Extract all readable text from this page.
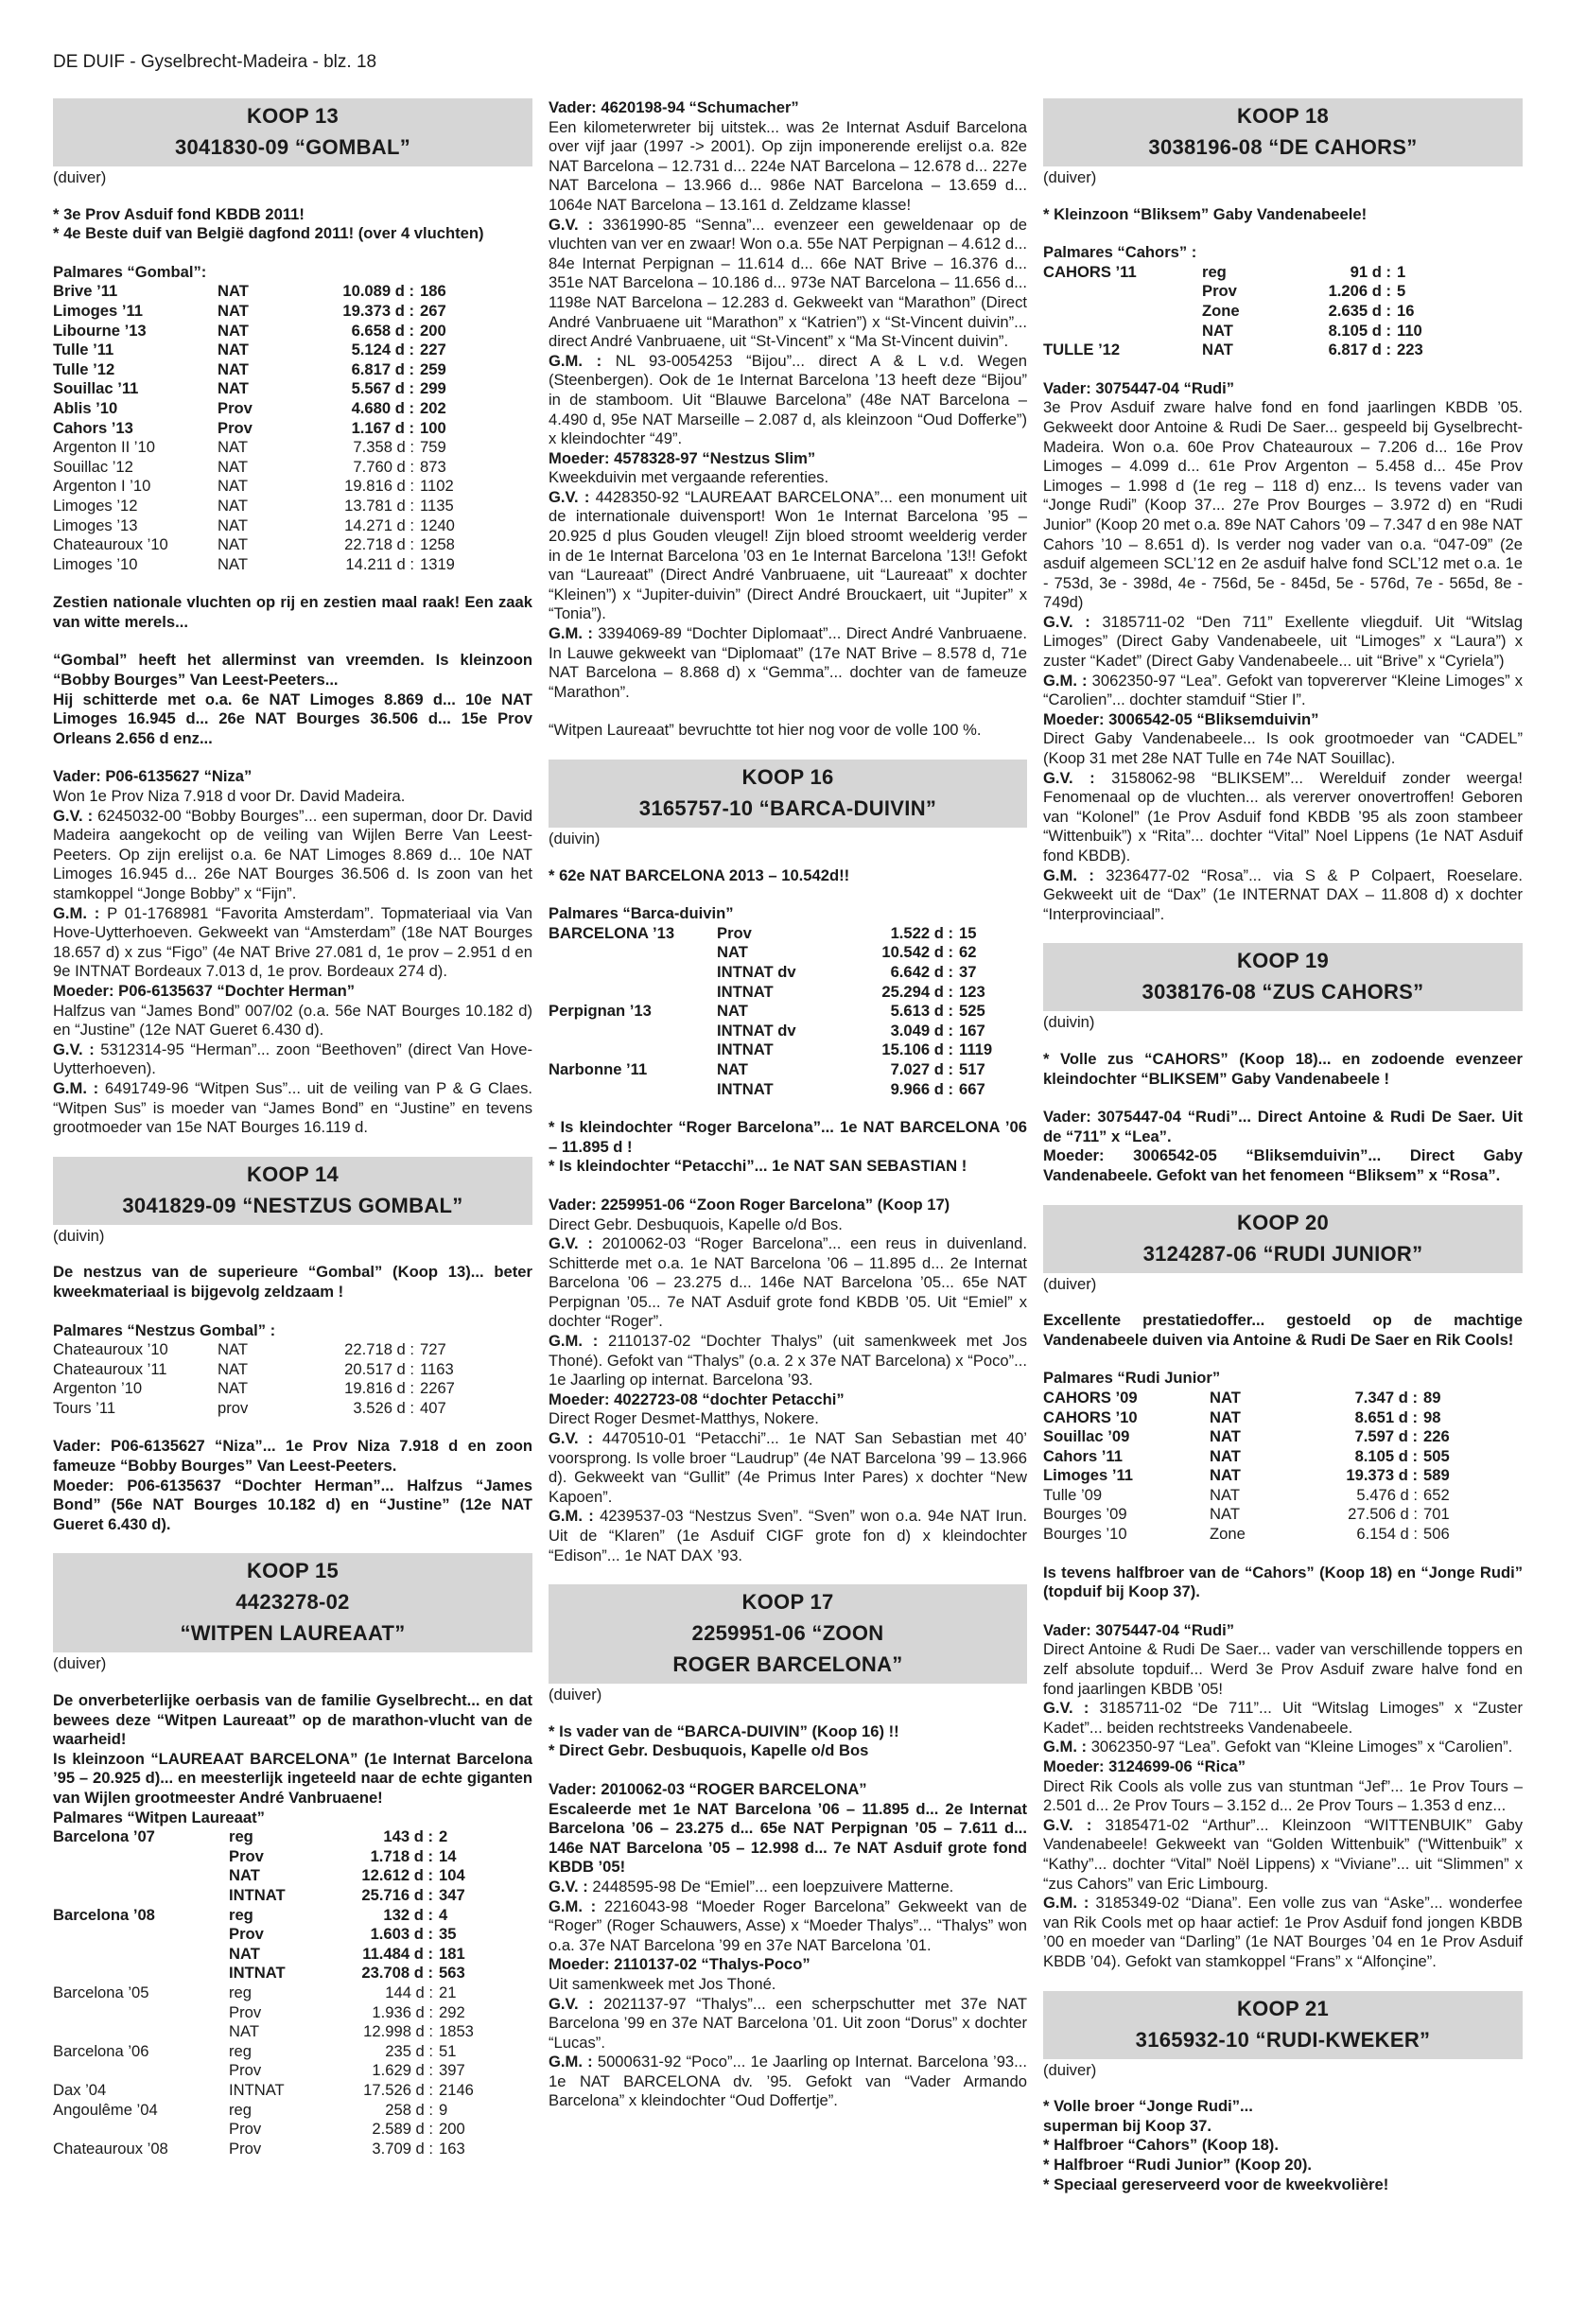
DE DUIF - Gyselbrecht-Madeira - blz. 18
KOOP 13
3041830-09 “GOMBAL”
(duiver)

* 3e Prov Asduif fond KBDB 2011!

* 4e Beste duif van België dagfond 2011! (over 4 vluchten)

Palmares “Gombal”:

Brive ’11	NAT	10.089 d :	186
Limoges ’11	NAT	19.373 d :	267
Libourne ’13	NAT	6.658 d :	200
Tulle ’11	NAT	5.124 d :	227
Tulle ’12	NAT	6.817 d :	259
Souillac ’11	NAT	5.567 d :	299
Ablis ’10	Prov	4.680 d :	202
Cahors ’13	Prov	1.167 d :	100
Argenton II ’10	NAT	7.358 d :	759
Souillac ’12	NAT	7.760 d :	873
Argenton I ’10	NAT	19.816 d :	1102
Limoges ’12	NAT	13.781 d :	1135
Limoges ’13	NAT	14.271 d :	1240
Chateauroux ’10	NAT	22.718 d :	1258
Limoges ’10	NAT	14.211 d :	1319

Zestien nationale vluchten op rij en zestien maal raak! Een zaak van witte merels...

“Gombal” heeft het allerminst van vreemden. Is kleinzoon “Bobby Bourges” Van Leest-Peeters...

Hij schitterde met o.a. 6e NAT Limoges 8.869 d... 10e NAT Limoges 16.945 d... 26e NAT Bourges 36.506 d... 15e Prov Orleans 2.656 d enz...

Vader: P06-6135627 “Niza”

Won 1e Prov Niza 7.918 d voor Dr. David Madeira.

G.V. : 6245032-00 “Bobby Bourges”... een superman, door Dr. David Madeira aangekocht op de veiling van Wijlen Berre Van Leest-Peeters. Op zijn erelijst o.a. 6e NAT Limoges 8.869 d... 10e NAT Limoges 16.945 d... 26e NAT Bourges 36.506 d. Is zoon van het stamkoppel “Jonge Bobby” x “Fijn”.

G.M. : P 01-1768981 “Favorita Amsterdam”. Topmateriaal via Van Hove-Uytterhoeven. Gekweekt van “Amsterdam” (18e NAT Bourges 18.657 d) x zus “Figo” (4e NAT Brive 27.081 d, 1e prov – 2.951 d en 9e INTNAT Bordeaux 7.013 d, 1e prov. Bordeaux 274 d).

Moeder: P06-6135637 “Dochter Herman”

Halfzus van “James Bond” 007/02 (o.a. 56e NAT Bourges 10.182 d) en “Justine” (12e NAT Gueret 6.430 d).

G.V. : 5312314-95 “Herman”... zoon “Beethoven” (direct Van Hove-Uytterhoeven).

G.M. : 6491749-96 “Witpen Sus”... uit de veiling van P & G Claes. “Witpen Sus” is moeder van “James Bond” en “Justine” en tevens grootmoeder van 15e NAT Bourges 16.119 d.

KOOP 14
3041829-09 “NESTZUS GOMBAL”
(duivin)

De nestzus van de superieure “Gombal” (Koop 13)... beter kweekmateriaal is bijgevolg zeldzaam !

Palmares “Nestzus Gombal” :

Chateauroux ’10	NAT	22.718 d :	727
Chateauroux ’11	NAT	20.517 d :	1163
Argenton ’10	NAT	19.816 d :	2267
Tours ’11	prov	3.526 d :	407

Vader: P06-6135627 “Niza”... 1e Prov Niza 7.918 d en zoon fameuze “Bobby Bourges” Van Leest-Peeters.

Moeder: P06-6135637 “Dochter Herman”... Halfzus “James Bond” (56e NAT Bourges 10.182 d) en “Justine” (12e NAT Gueret 6.430 d).

KOOP 15
4423278-02
“WITPEN LAUREAAT”
(duiver)

De onverbeterlijke oerbasis van de familie Gyselbrecht... en dat bewees deze “Witpen Laureaat” op de marathon-vlucht van de waarheid!

Is kleinzoon “LAUREAAT BARCELONA” (1e Internat Barcelona ’95 – 20.925 d)... en meesterlijk ingeteeld naar de echte giganten van Wijlen grootmeester André Vanbruaene!

Palmares “Witpen Laureaat”

Barcelona ’07	reg	143 d :	2
	Prov	1.718 d :	14
	NAT	12.612 d :	104
	INTNAT	25.716 d :	347
Barcelona ’08	reg	132 d :	4
	Prov	1.603 d :	35
	NAT	11.484 d :	181
	INTNAT	23.708 d :	563
Barcelona ’05	reg	144 d :	21
	Prov	1.936 d :	292
	NAT	12.998 d :	1853
Barcelona ’06	reg	235 d :	51
	Prov	1.629 d :	397
Dax ’04	INTNAT	17.526 d :	2146
Angoulême ’04	reg	258 d :	9
	Prov	2.589 d :	200
Chateauroux ’08	Prov	3.709 d :	163

Vader: 4620198-94 “Schumacher”

Een kilometerwreter bij uitstek... was 2e Internat Asduif Barcelona over vijf jaar (1997 -> 2001). Op zijn imponerende erelijst o.a. 82e NAT Barcelona – 12.731 d... 224e NAT Barcelona – 12.678 d... 227e NAT Barcelona – 13.966 d... 986e NAT Barcelona – 13.659 d... 1064e NAT Barcelona – 13.161 d. Zeldzame klasse!

G.V. : 3361990-85 “Senna”... evenzeer een geweldenaar op de vluchten van ver en zwaar! Won o.a. 55e NAT Perpignan – 4.612 d... 84e Internat Perpignan – 11.614 d... 66e NAT Brive – 16.376 d... 351e NAT Barcelona – 10.186 d... 973e NAT Barcelona – 11.656 d... 1198e NAT Barcelona – 12.283 d. Gekweekt van “Marathon” (Direct André Vanbruaene uit “Marathon” x “Katrien”) x “St-Vincent duivin”... direct André Vanbruaene, uit “St-Vincent” x “Ma St-Vincent duivin”.

G.M. : NL 93-0054253 “Bijou”... direct A & L v.d. Wegen (Steenbergen). Ook de 1e Internat Barcelona ’13 heeft deze “Bijou” in de stamboom. Uit “Blauwe Barcelona” (48e NAT Barcelona – 4.490 d, 95e NAT Marseille – 2.087 d, als kleinzoon “Oud Dofferke”) x kleindochter “49”.

Moeder: 4578328-97 “Nestzus Slim”

Kweekduivin met vergaande referenties.

G.V. : 4428350-92 “LAUREAAT BARCELONA”... een monument uit de internationale duivensport! Won 1e Internat Barcelona ’95 – 20.925 d plus Gouden vleugel! Zijn bloed stroomt weelderig verder in de 1e Internat Barcelona ’03 en 1e Internat Barcelona ’13!! Gefokt van “Laureaat” (Direct André Vanbruaene, uit “Laureaat” x dochter “Kleinen”) x “Jupiter-duivin” (Direct André Brouckaert, uit “Jupiter” x “Tonia”).

G.M. : 3394069-89 “Dochter Diplomaat”... Direct André Vanbruaene. In Lauwe gekweekt van “Diplomaat” (17e NAT Brive – 8.578 d, 71e NAT Barcelona – 8.868 d) x “Gemma”... dochter van de fameuze “Marathon”.

“Witpen Laureaat” bevruchtte tot hier nog voor de volle 100 %.

KOOP 16
3165757-10 “BARCA-DUIVIN”
(duivin)

* 62e NAT BARCELONA 2013 – 10.542d!!

Palmares “Barca-duivin”

BARCELONA ’13	Prov	1.522 d :	15
	NAT	10.542 d :	62
	INTNAT dv	6.642 d :	37
	INTNAT	25.294 d :	123
Perpignan ’13	NAT	5.613 d :	525
	INTNAT dv	3.049 d :	167
	INTNAT	15.106 d :	1119
Narbonne ’11	NAT	7.027 d :	517
	INTNAT	9.966 d :	667

* Is kleindochter “Roger Barcelona”... 1e NAT BARCELONA ’06 – 11.895 d !

* Is kleindochter “Petacchi”... 1e NAT SAN SEBASTIAN !

Vader: 2259951-06 “Zoon Roger Barcelona” (Koop 17)

Direct Gebr. Desbuquois, Kapelle o/d Bos.

G.V. : 2010062-03 “Roger Barcelona”... een reus in duivenland. Schitterde met o.a. 1e NAT Barcelona ’06 – 11.895 d... 2e Internat Barcelona ’06 – 23.275 d... 146e NAT Barcelona ’05... 65e NAT Perpignan ’05... 7e NAT Asduif grote fond KBDB ’05. Uit “Emiel” x dochter “Roger”.

G.M. : 2110137-02 “Dochter Thalys” (uit samenkweek met Jos Thoné). Gefokt van “Thalys” (o.a. 2 x 37e NAT Barcelona) x “Poco”... 1e Jaarling op internat. Barcelona ’93.

Moeder: 4022723-08 “dochter Petacchi”

Direct Roger Desmet-Matthys, Nokere.

G.V. : 4470510-01 “Petacchi”... 1e NAT San Sebastian met 40’ voorsprong. Is volle broer “Laudrup” (4e NAT Barcelona ’99 – 13.966 d). Gekweekt van “Gullit” (4e Primus Inter Pares) x dochter “New Kapoen”.

G.M. : 4239537-03 “Nestzus Sven”. “Sven” won o.a. 94e NAT Irun. Uit de “Klaren” (1e Asduif CIGF grote fon d) x kleindochter “Edison”... 1e NAT DAX ’93.

KOOP 17
2259951-06 “ZOON
ROGER BARCELONA”
(duiver)

* Is vader van de “BARCA-DUIVIN” (Koop 16) !!

* Direct Gebr. Desbuquois, Kapelle o/d Bos

Vader: 2010062-03 “ROGER BARCELONA”

Escaleerde met 1e NAT Barcelona ’06 – 11.895 d... 2e Internat Barcelona ’06 – 23.275 d... 65e NAT Perpignan ’05 – 7.611 d... 146e NAT Barcelona ’05 – 12.998 d... 7e NAT Asduif grote fond KBDB ’05!

G.V. : 2448595-98 De “Emiel”... een loepzuivere Matterne.

G.M. : 2216043-98 “Moeder Roger Barcelona” Gekweekt van de “Roger” (Roger Schauwers, Asse) x “Moeder Thalys”... “Thalys” won o.a. 37e NAT Barcelona ’99 en 37e NAT Barcelona ’01.

Moeder: 2110137-02 “Thalys-Poco”

Uit samenkweek met Jos Thoné.

G.V. : 2021137-97 “Thalys”... een scherpschutter met 37e NAT Barcelona ’99 en 37e NAT Barcelona ’01. Uit zoon “Dorus” x dochter “Lucas”.

G.M. : 5000631-92 “Poco”... 1e Jaarling op Internat. Barcelona ’93... 1e NAT BARCELONA dv. ’95. Gefokt van “Vader Armando Barcelona” x kleindochter “Oud Doffertje”.

KOOP 18
3038196-08 “DE CAHORS”
(duiver)

* Kleinzoon “Bliksem” Gaby Vandenabeele!

Palmares “Cahors” :

CAHORS ’11	reg	91 d :	1
	Prov	1.206 d :	5
	Zone	2.635 d :	16
	NAT	8.105 d :	110
TULLE ’12	NAT	6.817 d :	223

Vader: 3075447-04 “Rudi”

3e Prov Asduif zware halve fond en fond jaarlingen KBDB ’05. Gekweekt door Antoine & Rudi De Saer... gespeeld bij Gyselbrecht-Madeira. Won o.a. 60e Prov Chateauroux – 7.206 d... 16e Prov Limoges – 4.099 d... 61e Prov Argenton – 5.458 d... 45e Prov Limoges – 1.998 d (1e reg – 118 d) enz... Is tevens vader van “Jonge Rudi” (Koop 37... 27e Prov Bourges – 3.972 d) en “Rudi Junior” (Koop 20 met o.a. 89e NAT Cahors ’09 – 7.347 d en 98e NAT Cahors ’10 – 8.651 d). Is verder nog vader van o.a. “047-09” (2e asduif algemeen SCL’12 en 2e asduif halve fond SCL’12 met o.a. 1e - 753d, 3e - 398d, 4e - 756d, 5e - 845d, 5e - 576d, 7e - 565d, 8e - 749d)

G.V. : 3185711-02 “Den 711” Exellente vliegduif. Uit “Witslag Limoges” (Direct Gaby Vandenabeele, uit “Limoges” x “Laura”) x zuster “Kadet” (Direct Gaby Vandenabeele... uit “Brive” x “Cyriela”)

G.M. : 3062350-97 “Lea”. Gefokt van topvererver “Kleine Limoges” x “Carolien”... dochter stamduif “Stier I”.

Moeder: 3006542-05 “Bliksemduivin”

Direct Gaby Vandenabeele... Is ook grootmoeder van “CADEL” (Koop 31 met 28e NAT Tulle en 74e NAT Souillac).

G.V. : 3158062-98 “BLIKSEM”... Werelduif zonder weerga! Fenomenaal op de vluchten... als vererver onovertroffen! Geboren van “Kolonel” (1e Prov Asduif fond KBDB ’95 als zoon stambeer “Wittenbuik”) x “Rita”... dochter “Vital” Noel Lippens (1e NAT Asduif fond KBDB).

G.M. : 3236477-02 “Rosa”... via S & P Colpaert, Roeselare. Gekweekt uit de “Dax” (1e INTERNAT DAX – 11.808 d) x dochter “Interprovinciaal”.

KOOP 19
3038176-08 “ZUS CAHORS”
(duivin)

* Volle zus “CAHORS” (Koop 18)... en zodoende evenzeer kleindochter “BLIKSEM” Gaby Vandenabeele !

Vader: 3075447-04 “Rudi”... Direct Antoine & Rudi De Saer. Uit de “711” x “Lea”.

Moeder: 3006542-05 “Bliksemduivin”... Direct Gaby Vandenabeele. Gefokt van het fenomeen “Bliksem” x “Rosa”.

KOOP 20
3124287-06 “RUDI JUNIOR”
(duiver)

Excellente prestatiedoffer... gestoeld op de machtige Vandenabeele duiven via Antoine & Rudi De Saer en Rik Cools!

Palmares “Rudi Junior”

CAHORS ’09	NAT	7.347 d :	89
CAHORS ’10	NAT	8.651 d :	98
Souillac ’09	NAT	7.597 d :	226
Cahors ’11	NAT	8.105 d :	505
Limoges ’11	NAT	19.373 d :	589
Tulle ’09	NAT	5.476 d :	652
Bourges ’09	NAT	27.506 d :	701
Bourges ’10	Zone	6.154 d :	506

Is tevens halfbroer van de “Cahors” (Koop 18) en “Jonge Rudi” (topduif bij Koop 37).

Vader: 3075447-04 “Rudi”

Direct Antoine & Rudi De Saer... vader van verschillende toppers en zelf absolute topduif... Werd 3e Prov Asduif zware halve fond en fond jaarlingen KBDB ’05!

G.V. : 3185711-02 “De 711”... Uit “Witslag Limoges” x “Zuster Kadet”... beiden rechtstreeks Vandenabeele.

G.M. : 3062350-97 “Lea”. Gefokt van “Kleine Limoges” x “Carolien”.

Moeder: 3124699-06 “Rica”

Direct Rik Cools als volle zus van stuntman “Jef”... 1e Prov Tours – 2.501 d... 2e Prov Tours – 3.152 d... 2e Prov Tours – 1.353 d enz...

G.V. : 3185471-02 “Arthur”... Kleinzoon “WITTENBUIK” Gaby Vandenabeele! Gekweekt van “Golden Wittenbuik” (“Wittenbuik” x “Kathy”... dochter “Vital” Noël Lippens) x “Viviane”... uit “Slimmen” x “zus Cahors” van Eric Limbourg.

G.M. : 3185349-02 “Diana”. Een volle zus van “Aske”... wonderfee van Rik Cools met op haar actief: 1e Prov Asduif fond jongen KBDB ’00 en moeder van “Darling” (1e NAT Bourges ’04 en 1e Prov Asduif KBDB ’04). Gefokt van stamkoppel “Frans” x “Alfonçine”.

KOOP 21
3165932-10 “RUDI-KWEKER”
(duiver)

* Volle broer “Jonge Rudi”...

superman bij Koop 37.

* Halfbroer “Cahors” (Koop 18).

* Halfbroer “Rudi Junior” (Koop 20).

* Speciaal gereserveerd voor de kweekvolière!
